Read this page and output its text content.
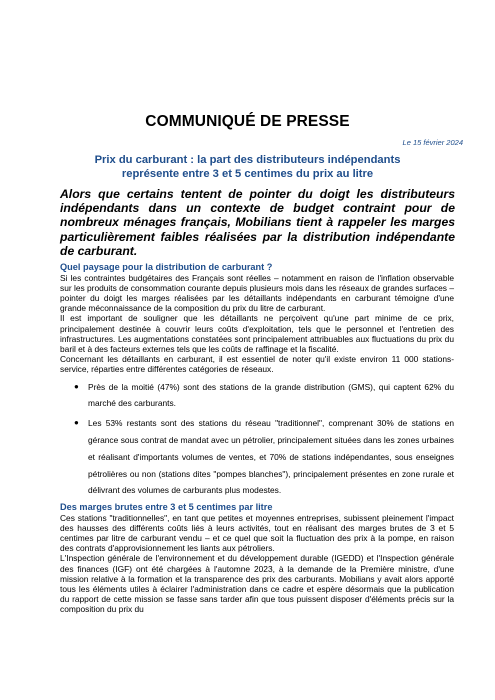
COMMUNIQUÉ DE PRESSE
Le 15 février 2024
Prix du carburant : la part des distributeurs indépendants
représente entre 3 et 5 centimes du prix au litre
Alors que certains tentent de pointer du doigt les distributeurs indépendants dans un contexte de budget contraint pour de nombreux ménages français, Mobilians tient à rappeler les marges particulièrement faibles réalisées par la distribution indépendante de carburant.
Quel paysage pour la distribution de carburant ?

Si les contraintes budgétaires des Français sont réelles – notamment en raison de l'inflation observable sur les produits de consommation courante depuis plusieurs mois dans les réseaux de grandes surfaces – pointer du doigt les marges réalisées par les détaillants indépendants en carburant témoigne d'une grande méconnaissance de la composition du prix du litre de carburant.

Il est important de souligner que les détaillants ne perçoivent qu'une part minime de ce prix, principalement destinée à couvrir leurs coûts d'exploitation, tels que le personnel et l'entretien des infrastructures. Les augmentations constatées sont principalement attribuables aux fluctuations du prix du baril et à des facteurs externes tels que les coûts de raffinage et la fiscalité.

Concernant les détaillants en carburant, il est essentiel de noter qu'il existe environ 11 000 stations-service, réparties entre différentes catégories de réseaux.

● Près de la moitié (47%) sont des stations de la grande distribution (GMS), qui captent 62% du marché des carburants.
● Les 53% restants sont des stations du réseau "traditionnel", comprenant 30% de stations en gérance sous contrat de mandat avec un pétrolier, principalement situées dans les zones urbaines et réalisant d'importants volumes de ventes, et 70% de stations indépendantes, sous enseignes pétrolières ou non (stations dites "pompes blanches"), principalement présentes en zone rurale et délivrant des volumes de carburants plus modestes.
Des marges brutes entre 3 et 5 centimes par litre

Ces stations "traditionnelles", en tant que petites et moyennes entreprises, subissent pleinement l'impact des hausses des différents coûts liés à leurs activités, tout en réalisant des marges brutes de 3 et 5 centimes par litre de carburant vendu – et ce quel que soit la fluctuation des prix à la pompe, en raison des contrats d'approvisionnement les liants aux pétroliers.

L'Inspection générale de l'environnement et du développement durable (IGEDD) et l'Inspection générale des finances (IGF) ont été chargées à l'automne 2023, à la demande de la Première ministre, d'une mission relative à la formation et la transparence des prix des carburants. Mobilians y avait alors apporté tous les éléments utiles à éclairer l'administration dans ce cadre et espère désormais que la publication du rapport de cette mission se fasse sans tarder afin que tous puissent disposer d'éléments précis sur la composition du prix du
